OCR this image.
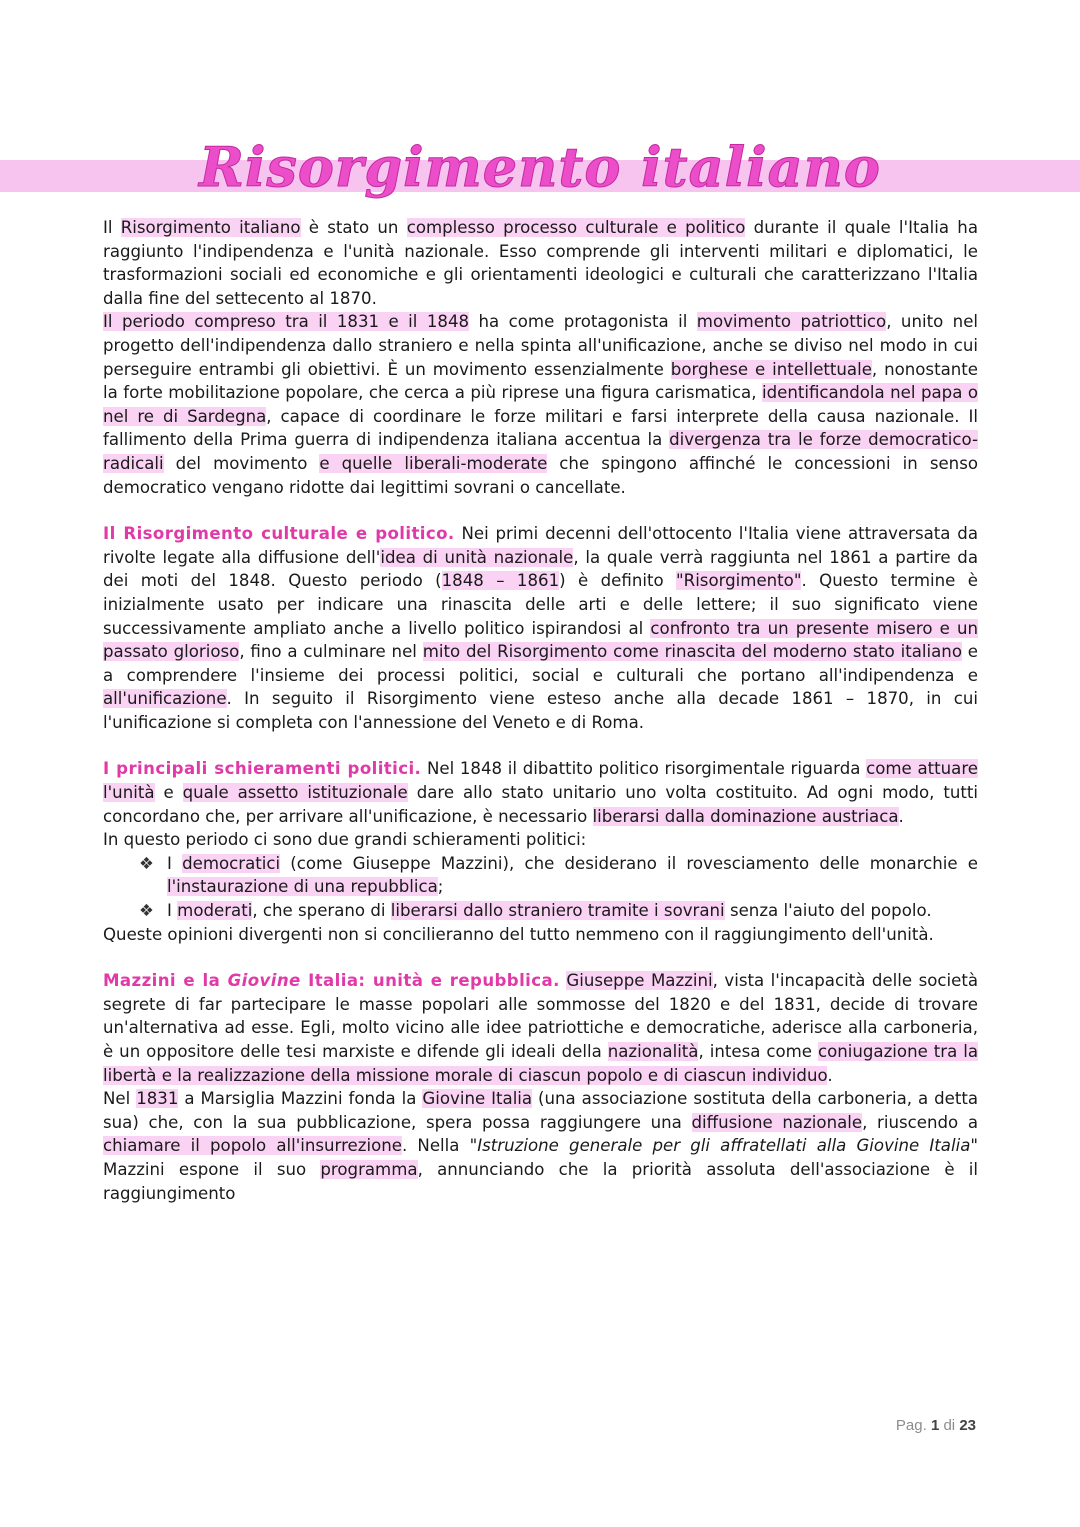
Risorgimento italiano

Il Risorgimento italiano è stato un complesso processo culturale e politico durante il quale l'Italia ha raggiunto l'indipendenza e l'unità nazionale. Esso comprende gli interventi militari e diplomatici, le trasformazioni sociali ed economiche e gli orientamenti ideologici e culturali che caratterizzano l'Italia dalla fine del settecento al 1870.

Il periodo compreso tra il 1831 e il 1848 ha come protagonista il movimento patriottico, unito nel progetto dell'indipendenza dallo straniero e nella spinta all'unificazione, anche se diviso nel modo in cui perseguire entrambi gli obiettivi. È un movimento essenzialmente borghese e intellettuale, nonostante la forte mobilitazione popolare, che cerca a più riprese una figura carismatica, identificandola nel papa o nel re di Sardegna, capace di coordinare le forze militari e farsi interprete della causa nazionale. Il fallimento della Prima guerra di indipendenza italiana accentua la divergenza tra le forze democratico-radicali del movimento e quelle liberali-moderate che spingono affinché le concessioni in senso democratico vengano ridotte dai legittimi sovrani o cancellate.

Il Risorgimento culturale e politico. Nei primi decenni dell'ottocento l'Italia viene attraversata da rivolte legate alla diffusione dell'idea di unità nazionale, la quale verrà raggiunta nel 1861 a partire da dei moti del 1848. Questo periodo (1848 – 1861) è definito "Risorgimento". Questo termine è inizialmente usato per indicare una rinascita delle arti e delle lettere; il suo significato viene successivamente ampliato anche a livello politico ispirandosi al confronto tra un presente misero e un passato glorioso, fino a culminare nel mito del Risorgimento come rinascita del moderno stato italiano e a comprendere l'insieme dei processi politici, social e culturali che portano all'indipendenza e all'unificazione. In seguito il Risorgimento viene esteso anche alla decade 1861 – 1870, in cui l'unificazione si completa con l'annessione del Veneto e di Roma.

I principali schieramenti politici. Nel 1848 il dibattito politico risorgimentale riguarda come attuare l'unità e quale assetto istituzionale dare allo stato unitario uno volta costituito. Ad ogni modo, tutti concordano che, per arrivare all'unificazione, è necessario liberarsi dalla dominazione austriaca.

In questo periodo ci sono due grandi schieramenti politici:

❖ I democratici (come Giuseppe Mazzini), che desiderano il rovesciamento delle monarchie e l'instaurazione di una repubblica;
❖ I moderati, che sperano di liberarsi dallo straniero tramite i sovrani senza l'aiuto del popolo.

Queste opinioni divergenti non si concilieranno del tutto nemmeno con il raggiungimento dell'unità.

Mazzini e la Giovine Italia: unità e repubblica. Giuseppe Mazzini, vista l'incapacità delle società segrete di far partecipare le masse popolari alle sommosse del 1820 e del 1831, decide di trovare un'alternativa ad esse. Egli, molto vicino alle idee patriottiche e democratiche, aderisce alla carboneria, è un oppositore delle tesi marxiste e difende gli ideali della nazionalità, intesa come coniugazione tra la libertà e la realizzazione della missione morale di ciascun popolo e di ciascun individuo.

Nel 1831 a Marsiglia Mazzini fonda la Giovine Italia (una associazione sostituta della carboneria, a detta sua) che, con la sua pubblicazione, spera possa raggiungere una diffusione nazionale, riuscendo a chiamare il popolo all'insurrezione. Nella "Istruzione generale per gli affratellati alla Giovine Italia" Mazzini espone il suo programma, annunciando che la priorità assoluta dell'associazione è il raggiungimento

Pag. 1 di 23
